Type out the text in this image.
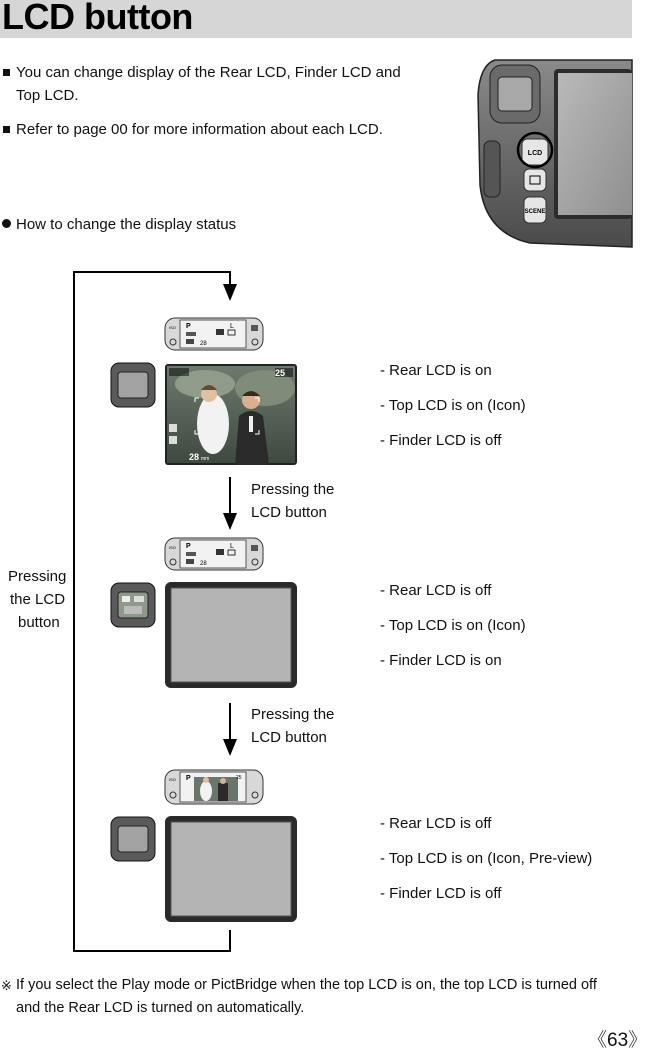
LCD button
You can change display of the Rear LCD, Finder LCD and
Top LCD.
Refer to page 00 for more information about each LCD.
How to change the display status
LCD
SCENE
Pressing
the LCD
button
P	L
28
ISO
25
28 mm
- Rear LCD is on
- Top LCD is on (Icon)
- Finder LCD is off
Pressing the
LCD button
P	L
28
ISO
- Rear LCD is off
- Top LCD is on (Icon)
- Finder LCD is on
Pressing the
LCD button
P	25
ISO
- Rear LCD is off
- Top LCD is on (Icon, Pre-view)
- Finder LCD is off
※ If you select the Play mode or PictBridge when the top LCD is on, the top LCD is turned off
and the Rear LCD is turned on automatically.
《63》
